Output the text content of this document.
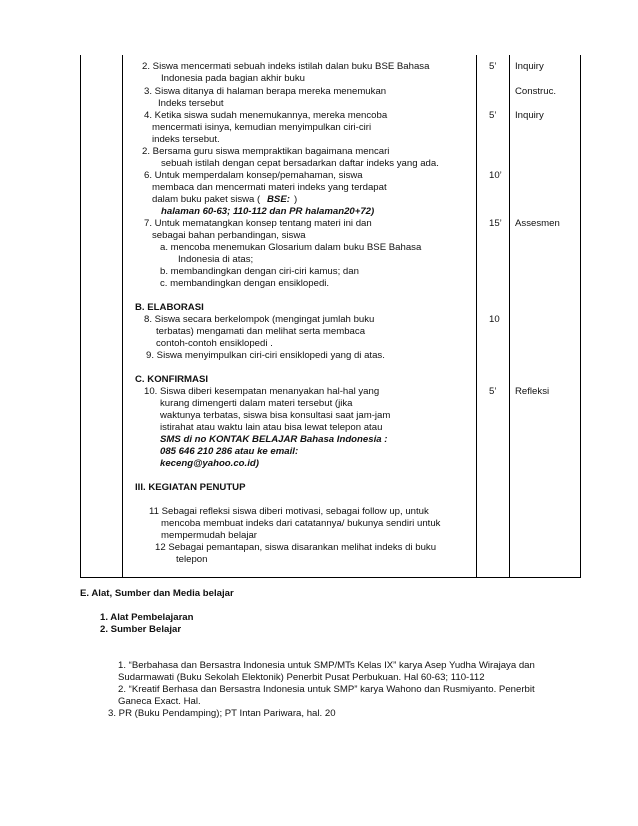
2. Siswa mencermati sebuah indeks istilah dalan buku BSE Bahasa
Indonesia pada bagian akhir buku
3. Siswa ditanya di halaman berapa mereka menemukan
Indeks tersebut
4. Ketika siswa sudah menemukannya, mereka mencoba
mencermati isinya, kemudian menyimpulkan ciri-ciri
indeks tersebut.
2. Bersama guru siswa mempraktikan bagaimana mencari
sebuah istilah dengan cepat bersadarkan daftar indeks yang ada.
6. Untuk memperdalam konsep/pemahaman, siswa
membaca dan mencermati materi indeks yang terdapat
dalam buku paket siswa (
halaman 60-63; 110-112 dan PR halaman20+72)
7. Untuk mematangkan konsep tentang materi ini dan
sebagai bahan perbandingan, siswa
a. mencoba menemukan Glosarium dalam buku BSE Bahasa
Indonesia di atas;
b. membandingkan dengan ciri-ciri kamus; dan
c. membandingkan dengan ensiklopedi.
B. ELABORASI
8. Siswa secara berkelompok (mengingat jumlah buku
terbatas) mengamati dan melihat serta membaca
contoh-contoh ensiklopedi .
9. Siswa menyimpulkan ciri-ciri ensiklopedi yang di atas.
C. KONFIRMASI
10. Siswa diberi kesempatan menanyakan hal-hal yang
kurang dimengerti dalam materi tersebut (jika
waktunya terbatas, siswa bisa konsultasi saat jam-jam
istirahat atau waktu lain atau bisa lewat telepon atau
SMS di no KONTAK BELAJAR Bahasa Indonesia :
085 646 210 286 atau ke email:
keceng@yahoo.co.id)
III. KEGIATAN PENUTUP
11 Sebagai refleksi siswa diberi motivasi, sebagai follow up, untuk
mencoba membuat indeks dari catatannya/ bukunya sendiri untuk
mempermudah belajar
12 Sebagai pemantapan, siswa disarankan melihat indeks di buku
telepon
BSE: )
5’
5’
10’
15’
10
5’
Inquiry
Construc.
Inquiry
Assesmen
Refleksi
E. Alat, Sumber dan Media belajar
1. Alat Pembelajaran
2. Sumber Belajar
1. “Berbahasa dan Bersastra Indonesia untuk SMP/MTs Kelas IX” karya Asep Yudha Wirajaya dan
Sudarmawati (Buku Sekolah Elektonik) Penerbit Pusat Perbukuan. Hal 60-63; 110-112
2. “Kreatif Berhasa dan Bersastra Indonesia untuk SMP” karya Wahono dan Rusmiyanto. Penerbit
Ganeca Exact. Hal.
3. PR (Buku Pendamping); PT Intan Pariwara, hal. 20
